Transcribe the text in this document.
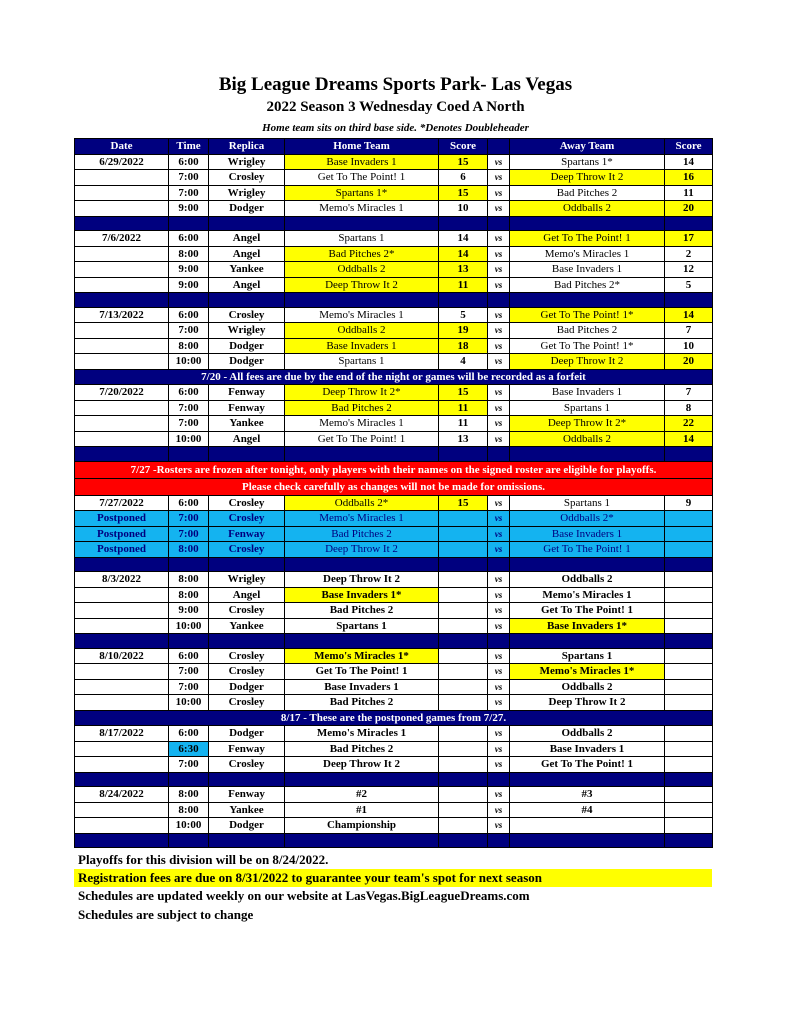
Big League Dreams Sports Park- Las Vegas
2022 Season 3 Wednesday Coed A North
Home team sits on third base side. *Denotes Doubleheader
Date	Time	Replica	Home Team	Score		Away Team	Score
6/29/2022	6:00	Wrigley	Base Invaders 1	15	vs	Spartans 1*	14
	7:00	Crosley	Get To The Point! 1	6	vs	Deep Throw It 2	16
	7:00	Wrigley	Spartans 1*	15	vs	Bad Pitches 2	11
	9:00	Dodger	Memo's Miracles 1	10	vs	Oddballs 2	20

7/6/2022	6:00	Angel	Spartans 1	14	vs	Get To The Point! 1	17
	8:00	Angel	Bad Pitches 2*	14	vs	Memo's Miracles 1	2
	9:00	Yankee	Oddballs 2	13	vs	Base Invaders 1	12
	9:00	Angel	Deep Throw It 2	11	vs	Bad Pitches 2*	5

7/13/2022	6:00	Crosley	Memo's Miracles 1	5	vs	Get To The Point! 1*	14
	7:00	Wrigley	Oddballs 2	19	vs	Bad Pitches 2	7
	8:00	Dodger	Base Invaders 1	18	vs	Get To The Point! 1*	10
	10:00	Dodger	Spartans 1	4	vs	Deep Throw It 2	20
7/20 - All fees are due by the end of the night or games will be recorded as a forfeit							
7/20/2022	6:00	Fenway	Deep Throw It 2*	15	vs	Base Invaders 1	7
	7:00	Fenway	Bad Pitches 2	11	vs	Spartans 1	8
	7:00	Yankee	Memo's Miracles 1	11	vs	Deep Throw It 2*	22
	10:00	Angel	Get To The Point! 1	13	vs	Oddballs 2	14

7/27 -Rosters are frozen after tonight, only players with their names on the signed roster are eligible for playoffs.							
Please check carefully as changes will not be made for omissions.							
7/27/2022	6:00	Crosley	Oddballs 2*	15	vs	Spartans 1	9
Postponed	7:00	Crosley	Memo's Miracles 1		vs	Oddballs 2*	
Postponed	7:00	Fenway	Bad Pitches 2		vs	Base Invaders 1	
Postponed	8:00	Crosley	Deep Throw It 2		vs	Get To The Point! 1	

8/3/2022	8:00	Wrigley	Deep Throw It 2		vs	Oddballs 2	
	8:00	Angel	Base Invaders 1*		vs	Memo's Miracles 1	
	9:00	Crosley	Bad Pitches 2		vs	Get To The Point! 1	
	10:00	Yankee	Spartans 1		vs	Base Invaders 1*	

8/10/2022	6:00	Crosley	Memo's Miracles 1*		vs	Spartans 1	
	7:00	Crosley	Get To The Point! 1		vs	Memo's Miracles 1*	
	7:00	Dodger	Base Invaders 1		vs	Oddballs 2	
	10:00	Crosley	Bad Pitches 2		vs	Deep Throw It 2	
8/17 - These are the postponed games from 7/27.							
8/17/2022	6:00	Dodger	Memo's Miracles 1		vs	Oddballs 2	
	6:30	Fenway	Bad Pitches 2		vs	Base Invaders 1	
	7:00	Crosley	Deep Throw It 2		vs	Get To The Point! 1	

8/24/2022	8:00	Fenway	#2		vs	#3	
	8:00	Yankee	#1		vs	#4	
	10:00	Dodger	Championship		vs		

Playoffs for this division will be on 8/24/2022.
Registration fees are due on 8/31/2022 to guarantee your team's spot for next season
Schedules are updated weekly on our website at LasVegas.BigLeagueDreams.com
Schedules are subject to change
